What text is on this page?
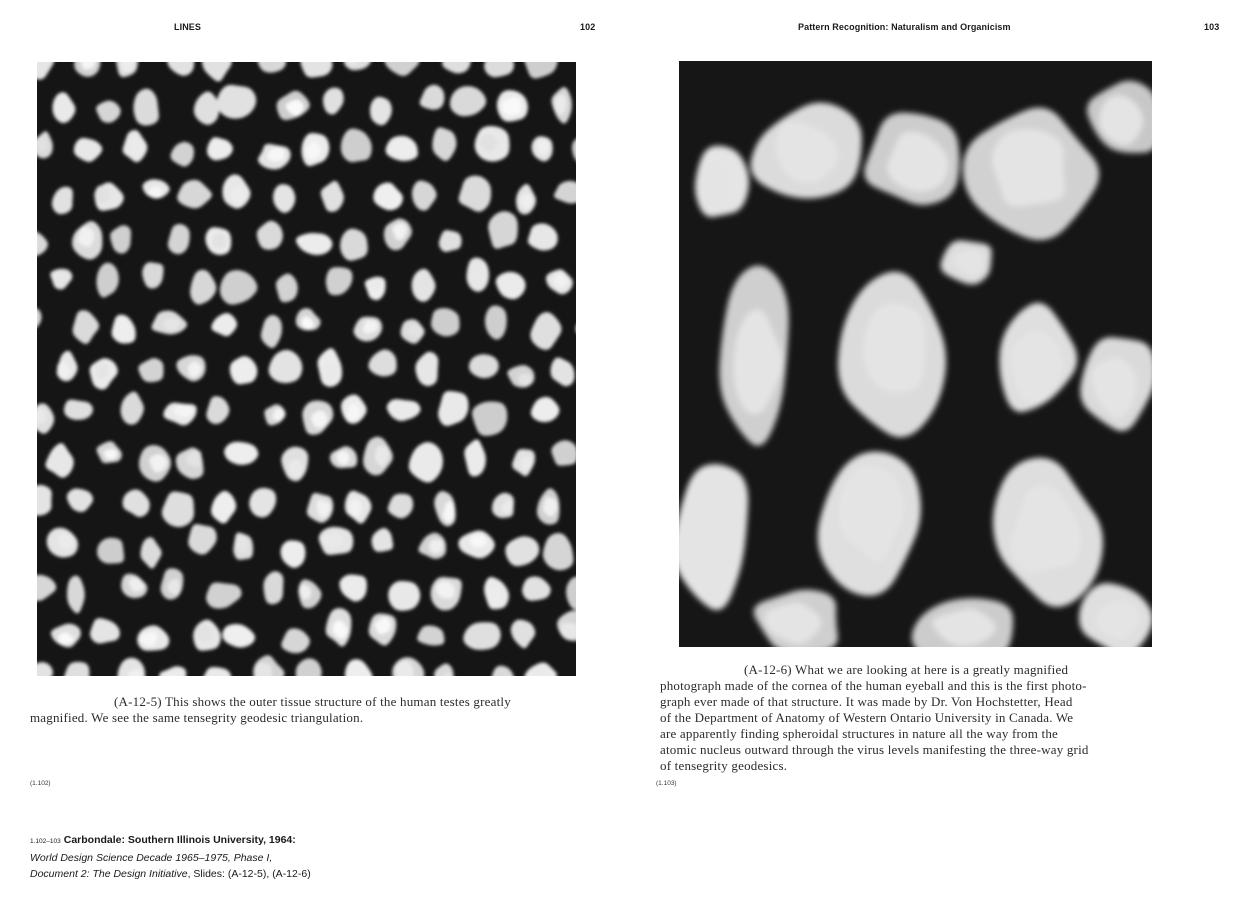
LINES	102	Pattern Recognition: Naturalism and Organicism	103

(A-12-5) This shows the outer tissue structure of the human testes greatly

magnified. We see the same tensegrity geodesic triangulation.

(A-12-6) What we are looking at here is a greatly magnified

photograph made of the cornea of the human eyeball and this is the first photo-

graph ever made of that structure. It was made by Dr. Von Hochstetter, Head

of the Department of Anatomy of Western Ontario University in Canada. We

are apparently finding spheroidal structures in nature all the way from the

atomic nucleus outward through the virus levels manifesting the three-way grid

of tensegrity geodesics.

(1.102)	(1.103)
1.102–103 Carbondale: Southern Illinois University, 1964:
World Design Science Decade 1965–1975, Phase I,
Document 2: The Design Initiative, Slides: (A-12-5), (A-12-6)
